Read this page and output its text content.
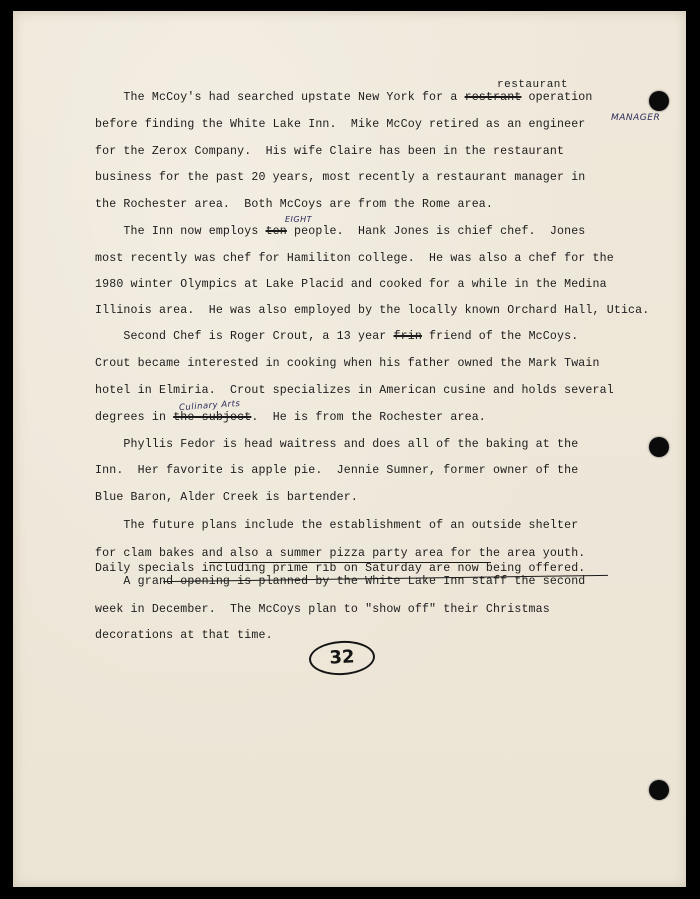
The McCoy's had searched upstate New York for a restrant operation
before finding the White Lake Inn.  Mike McCoy retired as an engineer
for the Zerox Company.  His wife Claire has been in the restaurant
business for the past 20 years, most recently a restaurant manager in
the Rochester area.  Both McCoys are from the Rome area.
The Inn now employs ten people.  Hank Jones is chief chef.  Jones
most recently was chef for Hamiliton college.  He was also a chef for the
1980 winter Olympics at Lake Placid and cooked for a while in the Medina
Illinois area.  He was also employed by the locally known Orchard Hall, Utica.
Second Chef is Roger Crout, a 13 year frin friend of the McCoys.
Crout became interested in cooking when his father owned the Mark Twain
hotel in Elmiria.  Crout specializes in American cusine and holds several
degrees in the subject.  He is from the Rochester area.
Phyllis Fedor is head waitress and does all of the baking at the
Inn.  Her favorite is apple pie.  Jennie Sumner, former owner of the
Blue Baron, Alder Creek is bartender.
The future plans include the establishment of an outside shelter
for clam bakes and also a summer pizza party area for the area youth.
Daily specials including prime rib on Saturday are now being offered.
A grand opening is planned by the White Lake Inn staff the second
week in December.  The McCoys plan to "show off" their Christmas
decorations at that time.
restaurant
MANAGER
EIGHT
Culinary Arts
32
